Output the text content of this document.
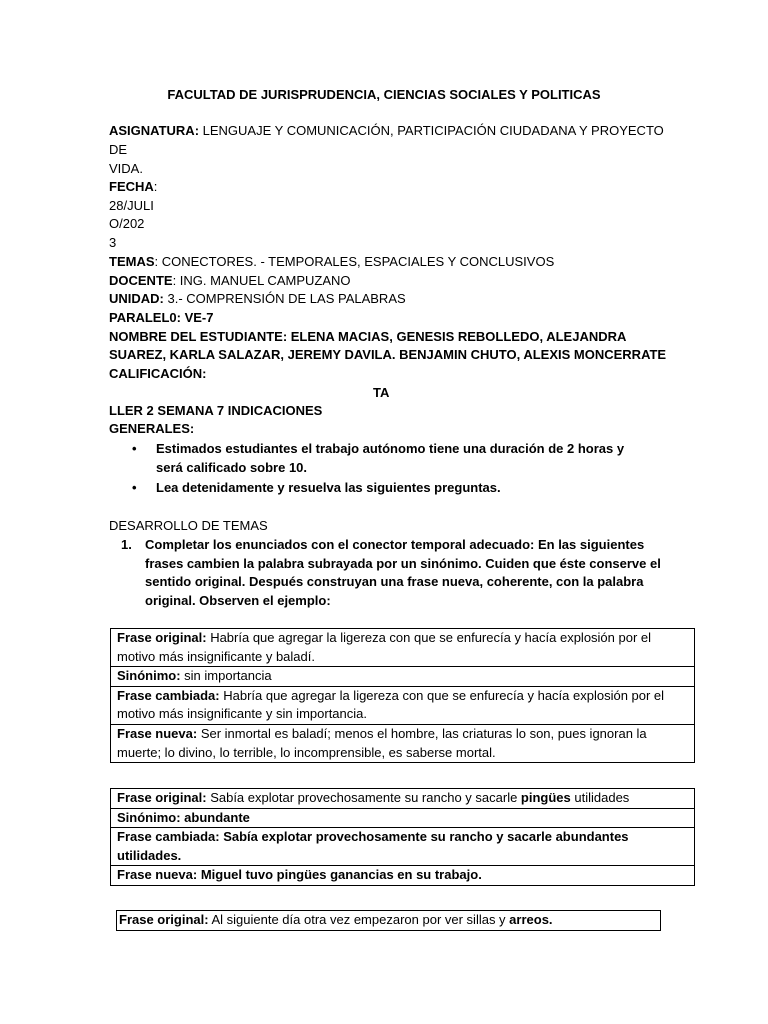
FACULTAD DE JURISPRUDENCIA, CIENCIAS SOCIALES Y POLITICAS
ASIGNATURA: LENGUAJE Y COMUNICACIÓN, PARTICIPACIÓN CIUDADANA Y PROYECTO
DE
VIDA.
FECHA:
28/JULI
O/202
3
TEMAS: CONECTORES. - TEMPORALES, ESPACIALES Y CONCLUSIVOS
DOCENTE: ING. MANUEL CAMPUZANO
UNIDAD: 3.- COMPRENSIÓN DE LAS PALABRAS
PARALEL0: VE-7
NOMBRE DEL ESTUDIANTE: ELENA MACIAS, GENESIS REBOLLEDO, ALEJANDRA
SUAREZ, KARLA SALAZAR, JEREMY DAVILA. BENJAMIN CHUTO, ALEXIS MONCERRATE
CALIFICACIÓN:
TA
LLER 2 SEMANA 7 INDICACIONES
GENERALES:
• Estimados estudiantes el trabajo autónomo tiene una duración de 2 horas y será calificado sobre 10.
• Lea detenidamente y resuelva las siguientes preguntas.
DESARROLLO DE TEMAS
1. Completar los enunciados con el conector temporal adecuado: En las siguientes frases cambien la palabra subrayada por un sinónimo. Cuiden que éste conserve el sentido original. Después construyan una frase nueva, coherente, con la palabra original. Observen el ejemplo:
Frase original: Habría que agregar la ligereza con que se enfurecía y hacía explosión por el motivo más insignificante y baladí.
Sinónimo: sin importancia
Frase cambiada: Habría que agregar la ligereza con que se enfurecía y hacía explosión por el motivo más insignificante y sin importancia.
Frase nueva: Ser inmortal es baladí; menos el hombre, las criaturas lo son, pues ignoran la muerte; lo divino, lo terrible, lo incomprensible, es saberse mortal.
Frase original: Sabía explotar provechosamente su rancho y sacarle pingües utilidades
Sinónimo: abundante
Frase cambiada: Sabía explotar provechosamente su rancho y sacarle abundantes utilidades.
Frase nueva: Miguel tuvo pingües ganancias en su trabajo.
Frase original: Al siguiente día otra vez empezaron por ver sillas y arreos.
